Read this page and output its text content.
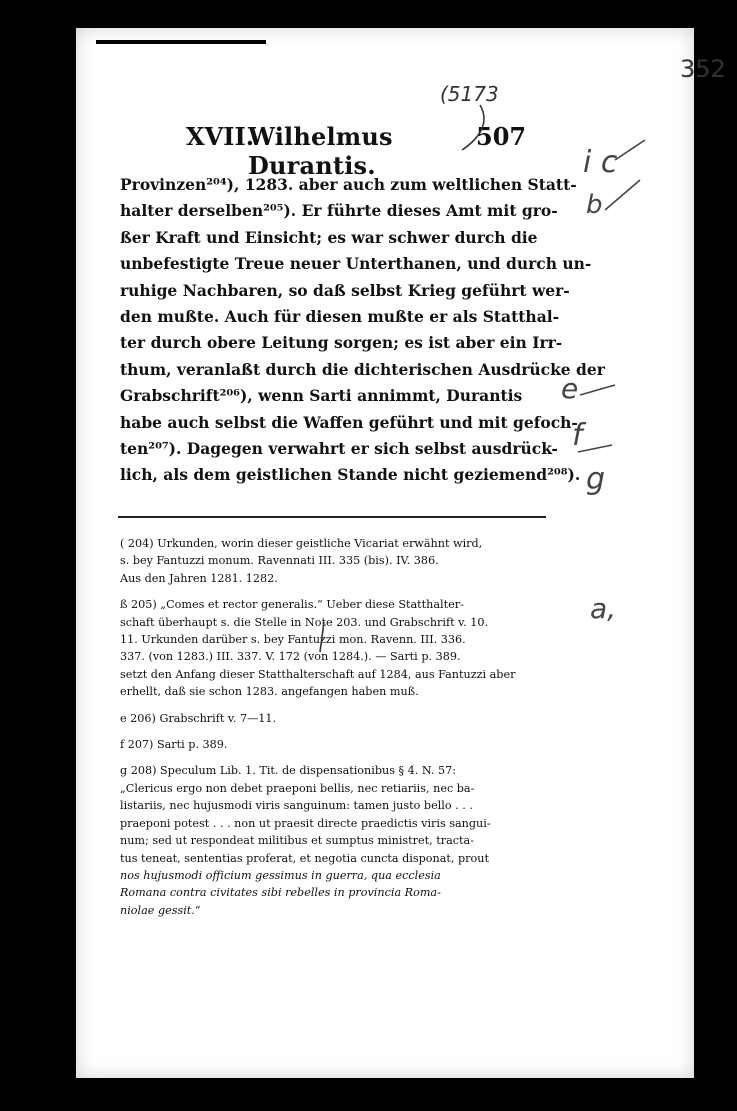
352
(5173
XVII.
Wilhelmus Durantis.
507
Provinzen²⁰⁴), 1283. aber auch zum weltlichen Statt-
halter derselben²⁰⁵). Er führte dieses Amt mit gro-
ßer Kraft und Einsicht; es war schwer durch die
unbefestigte Treue neuer Unterthanen, und durch un-
ruhige Nachbaren, so daß selbst Krieg geführt wer-
den mußte. Auch für diesen mußte er als Statthal-
ter durch obere Leitung sorgen; es ist aber ein Irr-
thum, veranlaßt durch die dichterischen Ausdrücke der
Grabschrift²⁰⁶), wenn Sarti annimmt, Durantis
habe auch selbst die Waffen geführt und mit gefoch-
ten²⁰⁷). Dagegen verwahrt er sich selbst ausdrück-
lich, als dem geistlichen Stande nicht geziemend²⁰⁸).
( 204) Urkunden, worin dieser geistliche Vicariat erwähnt wird,
s. bey Fantuzzi monum. Ravennati III. 335 (bis). IV. 386.
Aus den Jahren 1281. 1282.
ß 205) „Comes et rector generalis.“ Ueber diese Statthalter-
schaft überhaupt s. die Stelle in Note 203. und Grabschrift v. 10.
11. Urkunden darüber s. bey Fantuzzi mon. Ravenn. III. 336.
337. (von 1283.) III. 337. V. 172 (von 1284.). — Sarti p. 389.
setzt den Anfang dieser Statthalterschaft auf 1284, aus Fantuzzi aber
erhellt, daß sie schon 1283. angefangen haben muß.
e 206) Grabschrift v. 7—11.
f 207) Sarti p. 389.
g 208) Speculum Lib. 1. Tit. de dispensationibus § 4. N. 57:
„Clericus ergo non debet praeponi bellis, nec retiariis, nec ba-
listariis, nec hujusmodi viris sanguinum: tamen justo bello . . .
praeponi potest . . . non ut praesit directe praedictis viris sangui-
num; sed ut respondeat militibus et sumptus ministret, tracta-
tus teneat, sententias proferat, et negotia cuncta disponat, prout
nos hujusmodi officium gessimus in guerra, qua ecclesia
Romana contra civitates sibi rebelles in provincia Roma-
niolae gessit.“
i c
b
e
f
g
a,
